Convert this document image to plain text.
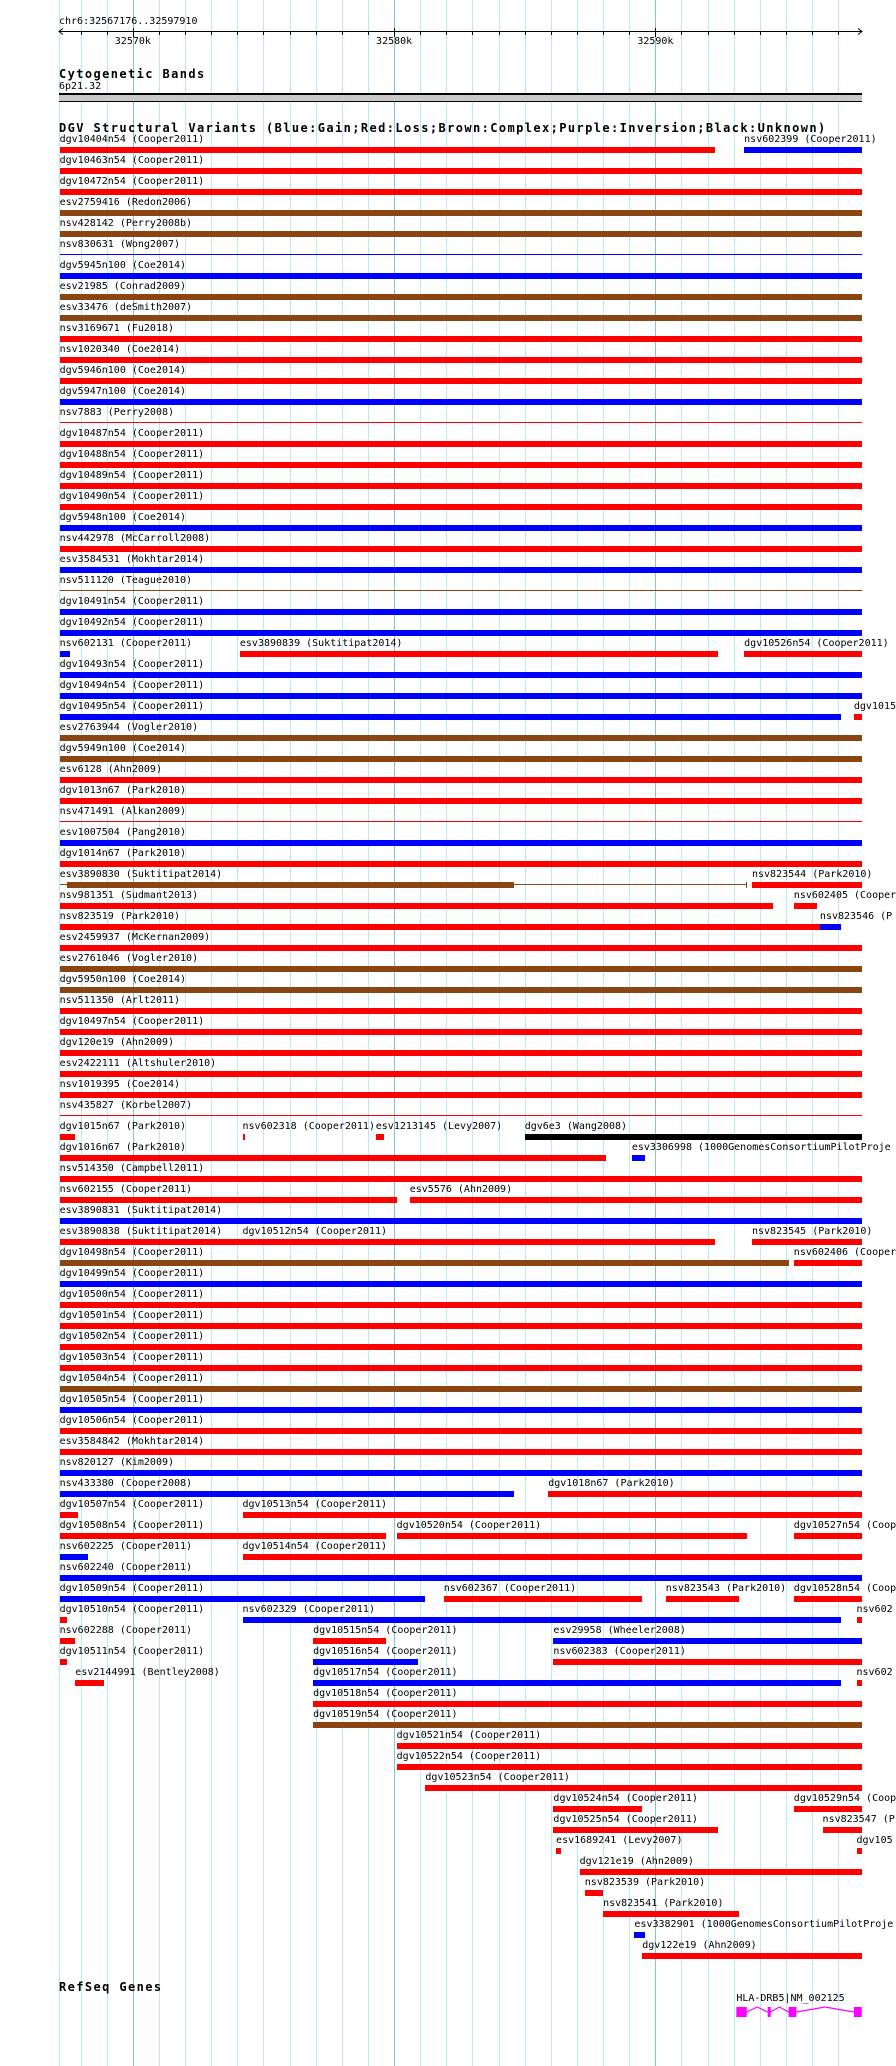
chr6:32567176..32597910
32570k	32580k	32590k
Cytogenetic Bands
6p21.32
DGV Structural Variants (Blue:Gain;Red:Loss;Brown:Complex;Purple:Inversion;Black:Unknown)
dgv10404n54 (Cooper2011)	nsv602399 (Cooper2011)
dgv10463n54 (Cooper2011)
dgv10472n54 (Cooper2011)
esv2759416 (Redon2006)
nsv428142 (Perry2008b)
nsv830631 (Wong2007)
dgv5945n100 (Coe2014)
esv21985 (Conrad2009)
esv33476 (deSmith2007)
nsv3169671 (Fu2018)
nsv1020340 (Coe2014)
dgv5946n100 (Coe2014)
dgv5947n100 (Coe2014)
nsv7883 (Perry2008)
dgv10487n54 (Cooper2011)
dgv10488n54 (Cooper2011)
dgv10489n54 (Cooper2011)
dgv10490n54 (Cooper2011)
dgv5948n100 (Coe2014)
nsv442978 (McCarroll2008)
esv3584531 (Mokhtar2014)
nsv511120 (Teague2010)
dgv10491n54 (Cooper2011)
dgv10492n54 (Cooper2011)
nsv602131 (Cooper2011)	esv3890839 (Suktitipat2014)	dgv10526n54 (Cooper2011)
dgv10493n54 (Cooper2011)
dgv10494n54 (Cooper2011)
dgv10495n54 (Cooper2011)	dgv1015
esv2763944 (Vogler2010)
dgv5949n100 (Coe2014)
esv6128 (Ahn2009)
dgv1013n67 (Park2010)
nsv471491 (Alkan2009)
esv1007504 (Pang2010)
dgv1014n67 (Park2010)
esv3890830 (Suktitipat2014)	nsv823544 (Park2010)
nsv981351 (Sudmant2013)	nsv602405 (Cooper
nsv823519 (Park2010)	nsv823546 (P
esv2459937 (McKernan2009)
esv2761046 (Vogler2010)
dgv5950n100 (Coe2014)
nsv511350 (Arlt2011)
dgv10497n54 (Cooper2011)
dgv120e19 (Ahn2009)
esv2422111 (Altshuler2010)
nsv1019395 (Coe2014)
nsv435827 (Korbel2007)
dgv1015n67 (Park2010)	nsv602318 (Cooper2011) esv1213145 (Levy2007) dgv6e3 (Wang2008)
dgv1016n67 (Park2010)	esv3306998 (1000GenomesConsortiumPilotProje
nsv514350 (Campbell2011)
nsv602155 (Cooper2011)	esv5576 (Ahn2009)
esv3890831 (Suktitipat2014)
esv3890838 (Suktitipat2014) dgv10512n54 (Cooper2011)	nsv823545 (Park2010)
dgv10498n54 (Cooper2011)	nsv602406 (Cooper
dgv10499n54 (Cooper2011)
dgv10500n54 (Cooper2011)
dgv10501n54 (Cooper2011)
dgv10502n54 (Cooper2011)
dgv10503n54 (Cooper2011)
dgv10504n54 (Cooper2011)
dgv10505n54 (Cooper2011)
dgv10506n54 (Cooper2011)
esv3584842 (Mokhtar2014)
nsv820127 (Kim2009)
nsv433380 (Cooper2008)	dgv1018n67 (Park2010)
dgv10507n54 (Cooper2011)	dgv10513n54 (Cooper2011)
dgv10508n54 (Cooper2011)	dgv10520n54 (Cooper2011)	dgv10527n54 (Coop
nsv602225 (Cooper2011)	dgv10514n54 (Cooper2011)
nsv602240 (Cooper2011)
dgv10509n54 (Cooper2011)	nsv602367 (Cooper2011)	nsv823543 (Park2010) dgv10528n54 (Coop
dgv10510n54 (Cooper2011)	nsv602329 (Cooper2011)	nsv602
nsv602288 (Cooper2011)	dgv10515n54 (Cooper2011)	esv29958 (Wheeler2008)
dgv10511n54 (Cooper2011)	dgv10516n54 (Cooper2011)	nsv602383 (Cooper2011)
esv2144991 (Bentley2008)	dgv10517n54 (Cooper2011)	nsv602
dgv10518n54 (Cooper2011)
dgv10519n54 (Cooper2011)
dgv10521n54 (Cooper2011)
dgv10522n54 (Cooper2011)
dgv10523n54 (Cooper2011)
dgv10524n54 (Cooper2011)	dgv10529n54 (Coop
dgv10525n54 (Cooper2011)	nsv823547 (P
esv1689241 (Levy2007)	dgv105
dgv121e19 (Ahn2009)
nsv823539 (Park2010)
nsv823541 (Park2010)
esv3382901 (1000GenomesConsortiumPilotProje
dgv122e19 (Ahn2009)
RefSeq Genes
HLA-DRB5|NM_002125
